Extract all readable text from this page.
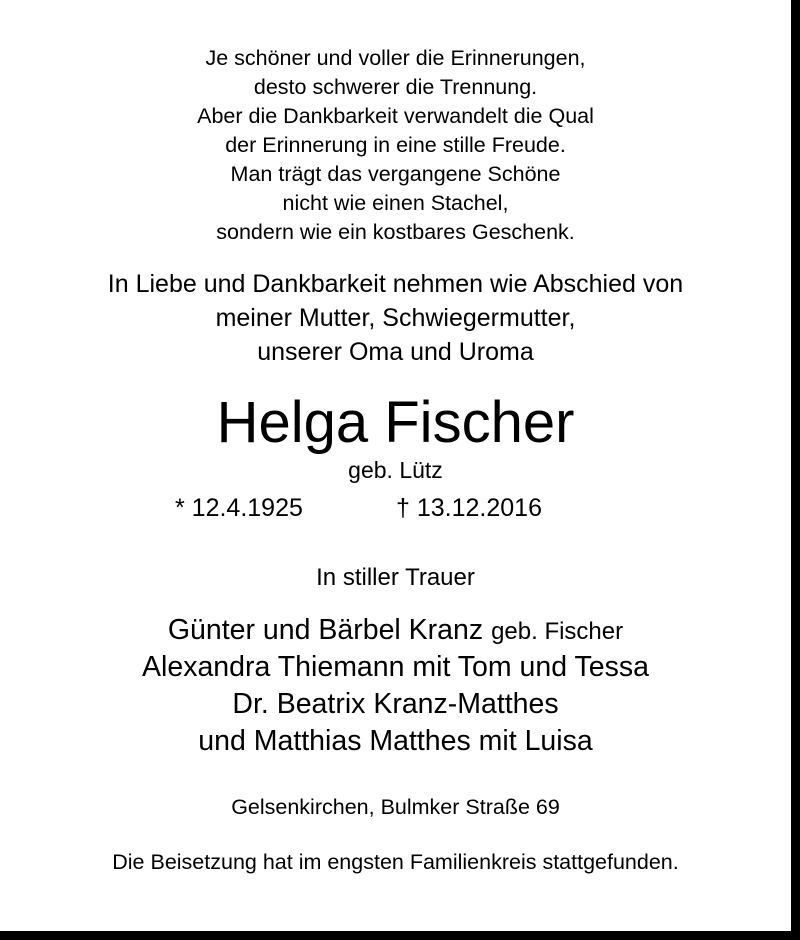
Je schöner und voller die Erinnerungen,
desto schwerer die Trennung.
Aber die Dankbarkeit verwandelt die Qual
der Erinnerung in eine stille Freude.
Man trägt das vergangene Schöne
nicht wie einen Stachel,
sondern wie ein kostbares Geschenk.
In Liebe und Dankbarkeit nehmen wie Abschied von
meiner Mutter, Schwiegermutter,
unserer Oma und Uroma
Helga Fischer
geb. Lütz
* 12.4.1925	† 13.12.2016
In stiller Trauer
Günter und Bärbel Kranz geb. Fischer
Alexandra Thiemann mit Tom und Tessa
Dr. Beatrix Kranz-Matthes
und Matthias Matthes mit Luisa
Gelsenkirchen, Bulmker Straße 69
Die Beisetzung hat im engsten Familienkreis stattgefunden.
